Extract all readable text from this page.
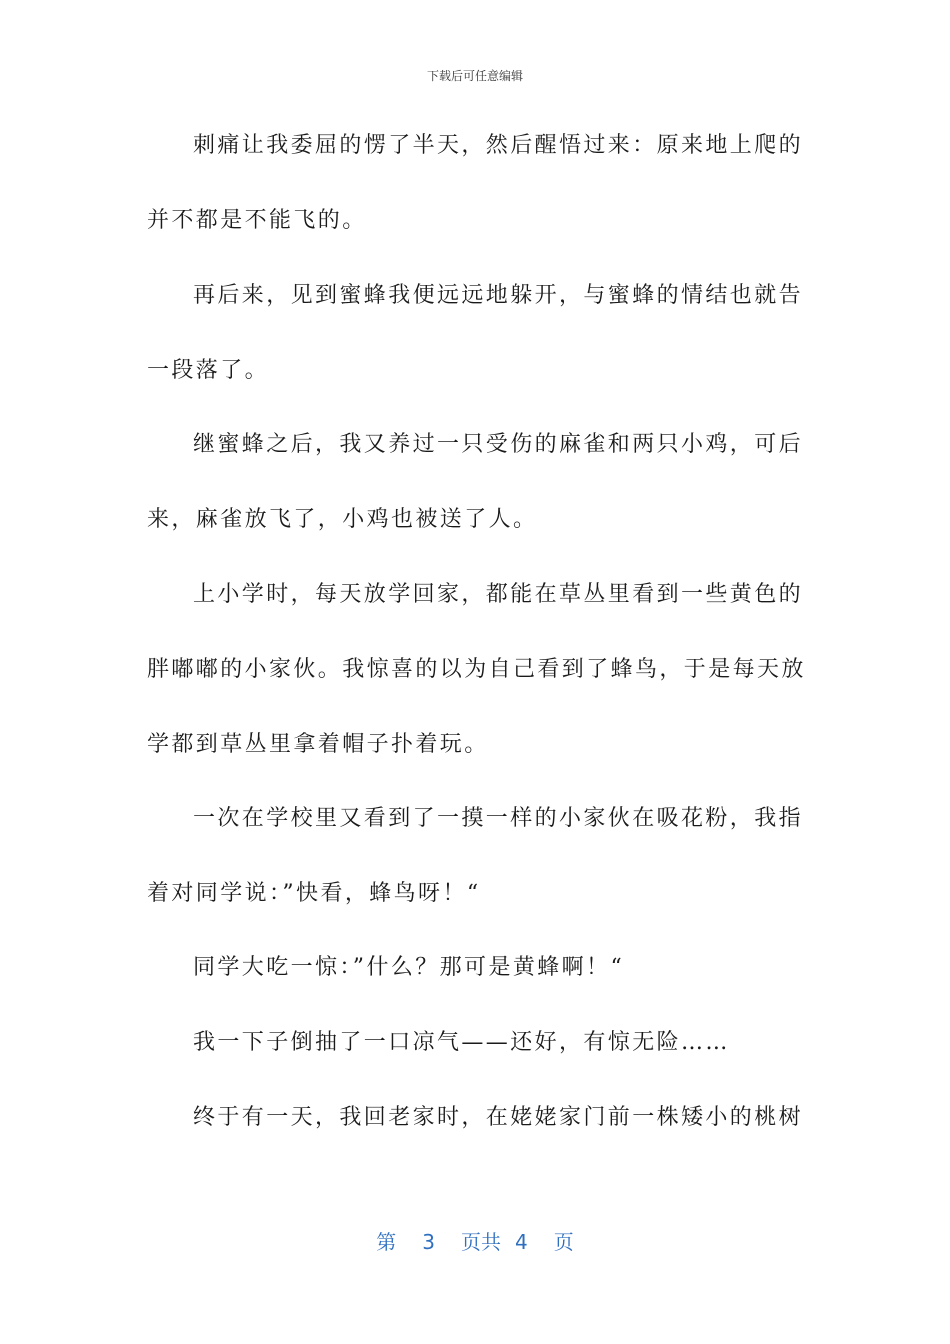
下载后可任意编辑
刺痛让我委屈的愣了半天，然后醒悟过来：原来地上爬的
并不都是不能飞的。
再后来，见到蜜蜂我便远远地躲开，与蜜蜂的情结也就告
一段落了。
继蜜蜂之后，我又养过一只受伤的麻雀和两只小鸡，可后
来，麻雀放飞了，小鸡也被送了人。
上小学时，每天放学回家，都能在草丛里看到一些黄色的
胖嘟嘟的小家伙。我惊喜的以为自己看到了蜂鸟，于是每天放
学都到草丛里拿着帽子扑着玩。
一次在学校里又看到了一摸一样的小家伙在吸花粉，我指
着对同学说：”快看，蜂鸟呀！“
同学大吃一惊：”什么？那可是黄蜂啊！“
我一下子倒抽了一口凉气——还好，有惊无险……
终于有一天，我回老家时，在姥姥家门前一株矮小的桃树
第 3 页共 4 页
